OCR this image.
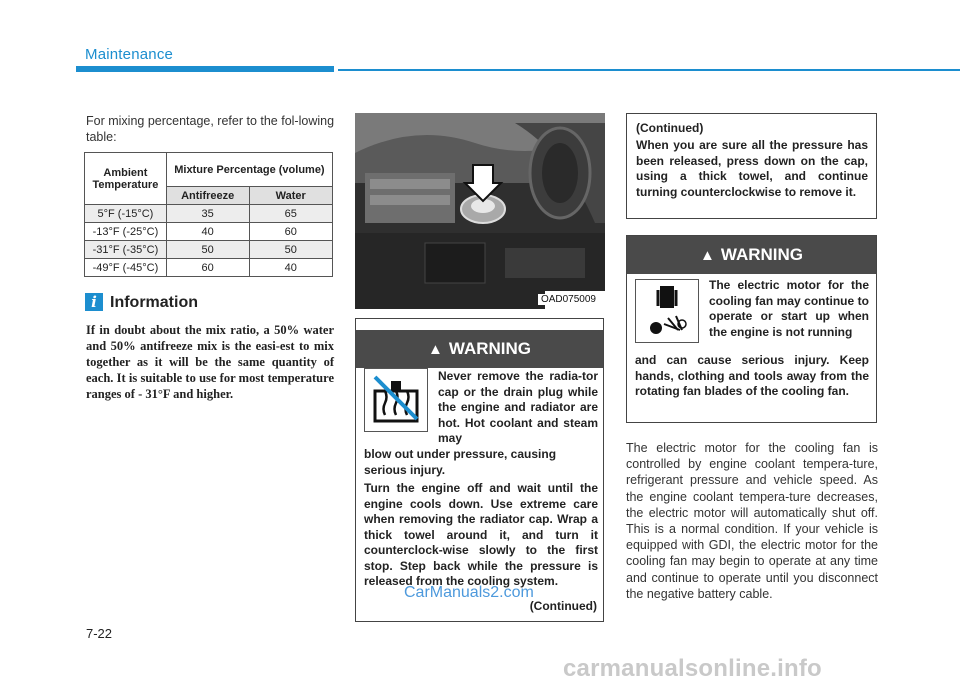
Maintenance
For mixing percentage, refer to the fol-lowing table:
Ambient Temperature	Mixture Percentage (volume)	
	Antifreeze	Water
5°F (-15°C)	35	65
-13°F (-25°C)	40	60
-31°F (-35°C)	50	50
-49°F (-45°C)	60	40
i Information
If in doubt about the mix ratio, a 50% water and 50% antifreeze mix is the easi-est to mix together as it will be the same quantity of each. It is suitable to use for most temperature ranges of - 31°F and higher.
OAD075009
▲ WARNING
Never remove the radia-tor cap or the drain plug while the engine and radiator are hot. Hot coolant and steam may
blow out under pressure, causing serious injury.
Turn the engine off and wait until the engine cools down. Use extreme care when removing the radiator cap. Wrap a thick towel around it, and turn it counterclock-wise slowly to the first stop. Step back while the pressure is released from the cooling system.
(Continued)
(Continued)
When you are sure all the pressure has been released, press down on the cap, using a thick towel, and continue turning counterclockwise to remove it.
▲ WARNING
The electric motor for the cooling fan may continue to operate or start up when the engine is not running
and can cause serious injury. Keep hands, clothing and tools away from the rotating fan blades of the cooling fan.
The electric motor for the cooling fan is controlled by engine coolant tempera-ture, refrigerant pressure and vehicle speed. As the engine coolant tempera-ture decreases, the electric motor will automatically shut off. This is a normal condition. If your vehicle is equipped with GDI, the electric motor for the cooling fan may begin to operate at any time and continue to operate until you disconnect the negative battery cable.
7-22
CarManuals2.com
carmanualsonline.info
